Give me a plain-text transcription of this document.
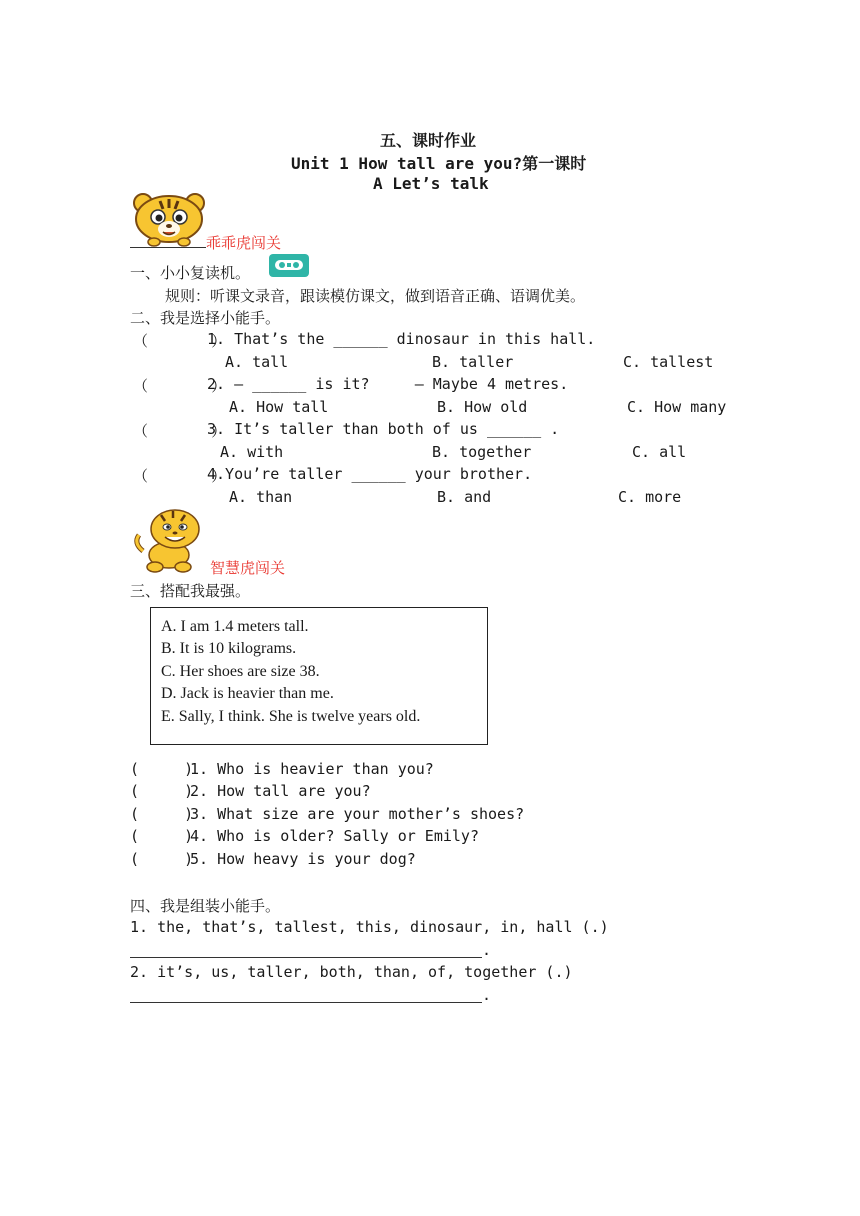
五、课时作业
Unit 1 How tall are you?第一课时
A Let’s talk
乖乖虎闯关
一、小小复读机。
规则：听课文录音，跟读模仿课文，做到语音正确、语调优美。
二、我是选择小能手。
（       ）
1. That’s the ______ dinosaur in this hall.
A. tall	B. taller	C. tallest
（       ）
2. — ______ is it?     — Maybe 4 metres.
A. How tall	B. How old	C. How many
（       ）
3. It’s taller than both of us ______ .
A. with	B. together	C. all
（       ）
4.You’re taller ______ your brother.
A. than	B. and	C. more
智慧虎闯关
三、搭配我最强。
A. I am 1.4 meters tall.
B. It is 10 kilograms.
C. Her shoes are size 38.
D. Jack is heavier than me.
E. Sally, I think. She is twelve years old.
(     )
1. Who is heavier than you?
(     )
2. How tall are you?
(     )
3. What size are your mother’s shoes?
(     )
4. Who is older? Sally or Emily?
(     )
5. How heavy is your dog?
四、我是组装小能手。
1. the, that’s, tallest, this, dinosaur, in, hall (.)
.
2. it’s, us, taller, both, than, of, together (.)
.
